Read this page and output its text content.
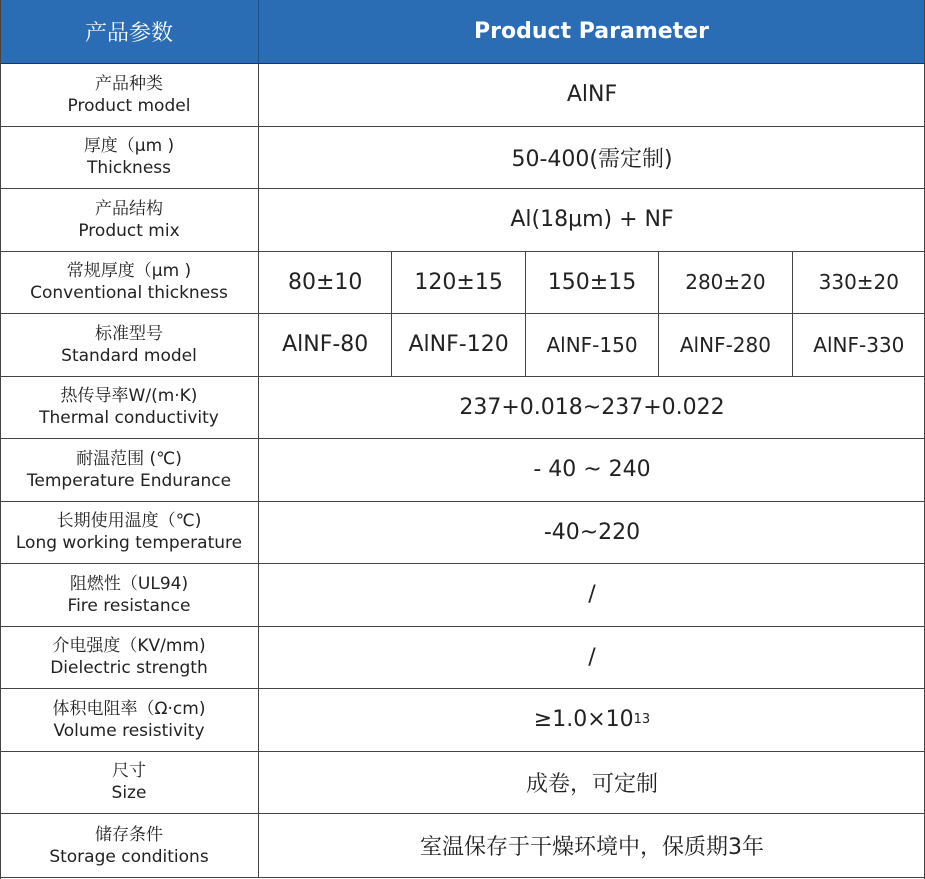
产品参数	Product Parameter
产品种类
Product model	AlNF
厚度（μm )
Thickness	50-400(需定制)
产品结构
Product mix	Al(18μm) + NF
常规厚度（μm )
Conventional thickness	80±10	120±15	150±15	280±20	330±20
标准型号
Standard model	AlNF-80	AlNF-120	AlNF-150	AlNF-280	AlNF-330
热传导率W/(m·K)
Thermal conductivity	237+0.018~237+0.022
耐温范围 (℃)
Temperature Endurance	- 40 ~ 240
长期使用温度（℃)
Long working temperature	-40~220
阻燃性（UL94)
Fire resistance	/
介电强度（KV/mm)
Dielectric strength	/
体积电阻率（Ω·cm)
Volume resistivity	≥1.0×10 13
尺寸
Size	成卷，可定制
储存条件
Storage conditions	室温保存于干燥环境中，保质期3年
